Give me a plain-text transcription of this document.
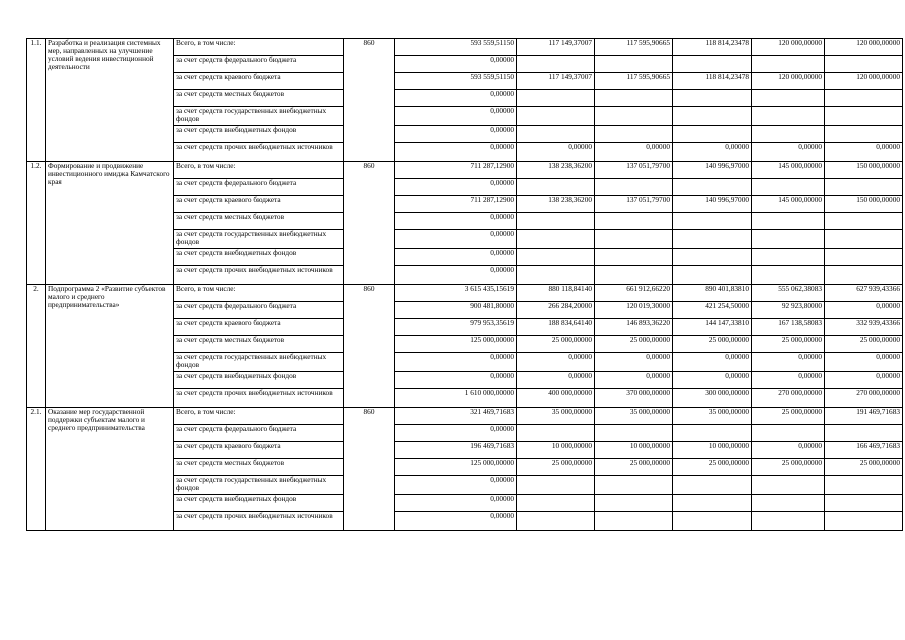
1.1.	Разработка и реализация системных мер, направленных на улучшение условий ведения инвестиционной деятельности	Всего, в том числе:	860	593 559,51150	117 149,37007	117 595,90665	118 814,23478	120 000,00000	120 000,00000
		за счет средств федерального бюджета		0,00000					
		за счет средств краевого бюджета		593 559,51150	117 149,37007	117 595,90665	118 814,23478	120 000,00000	120 000,00000
		за счет средств местных бюджетов		0,00000					
		за счет средств государственных внебюджетных фондов		0,00000					
		за счет средств внебюджетных фондов		0,00000					
		за счет средств прочих внебюджетных источников		0,00000	0,00000	0,00000	0,00000	0,00000	0,00000
1.2.	Формирование и продвижение инвестиционного имиджа Камчатского края	Всего, в том числе:	860	711 287,12900	138 238,36200	137 051,79700	140 996,97000	145 000,00000	150 000,00000
		за счет средств федерального бюджета		0,00000					
		за счет средств краевого бюджета		711 287,12900	138 238,36200	137 051,79700	140 996,97000	145 000,00000	150 000,00000
		за счет средств местных бюджетов		0,00000					
		за счет средств государственных внебюджетных фондов		0,00000					
		за счет средств внебюджетных фондов		0,00000					
		за счет средств прочих внебюджетных источников		0,00000					
2.	Подпрограмма 2 «Развитие субъектов малого и среднего предпринимательства»	Всего, в том числе:	860	3 615 435,15619	880 118,84140	661 912,66220	890 401,83810	555 062,38083	627 939,43366
		за счет средств федерального бюджета		900 481,80000	266 284,20000	120 019,30000	421 254,50000	92 923,80000	0,00000
		за счет средств краевого бюджета		979 953,35619	188 834,64140	146 893,36220	144 147,33810	167 138,58083	332 939,43366
		за счет средств местных бюджетов		125 000,00000	25 000,00000	25 000,00000	25 000,00000	25 000,00000	25 000,00000
		за счет средств государственных внебюджетных фондов		0,00000	0,00000	0,00000	0,00000	0,00000	0,00000
		за счет средств внебюджетных фондов		0,00000	0,00000	0,00000	0,00000	0,00000	0,00000
		за счет средств прочих внебюджетных источников		1 610 000,00000	400 000,00000	370 000,00000	300 000,00000	270 000,00000	270 000,00000
2.1.	Оказание мер государственной поддержки субъектам малого и среднего предпринимательства	Всего, в том числе:	860	321 469,71683	35 000,00000	35 000,00000	35 000,00000	25 000,00000	191 469,71683
		за счет средств федерального бюджета		0,00000					
		за счет средств краевого бюджета		196 469,71683	10 000,00000	10 000,00000	10 000,00000	0,00000	166 469,71683
		за счет средств местных бюджетов		125 000,00000	25 000,00000	25 000,00000	25 000,00000	25 000,00000	25 000,00000
		за счет средств государственных внебюджетных фондов		0,00000					
		за счет средств внебюджетных фондов		0,00000					
		за счет средств прочих внебюджетных источников		0,00000					
